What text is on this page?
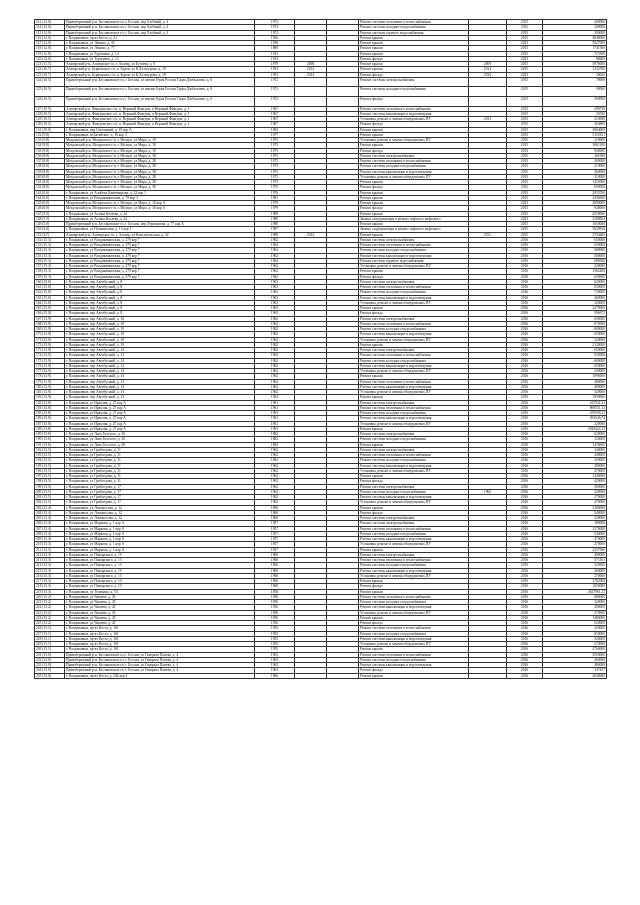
112 (12.0)	Правобережный р-н, Беслановское гп, г. Беслан, пер Хлебный, д. 4	1972			Ремонт системы отопления и теплоснабжения		2015	200000
114 (12.0)	Правобережный р-н, Беслановское гп, г. Беслан, пер Хлебный, д. 4	1972			Ремонт системы холодного водоснабжения		2015	200000
115 (12.0)	Правобережный р-н, Беслановское гп, г. Беслан, пер Хлебный, д. 4	1972			Ремонт системы горячего водоснабжения		2015	200000
116 (12.0)	г. Владикавказ, пр-кт Коста, д. 21	1956			Ремонт крыши		2015	4840000
117 (12.0)	г. Владикавказ, ул Ленина, д. 45	1938			Ремонт крыши		2015	3927000
118 (12.0)	г. Владикавказ, ул Ленина, д. 77	1880			Ремонт крыши		2015	1741500
119 (12.0)	г. Владикавказ, ул Тургенева, д. 12	1933			Ремонт крыши		2015	715500
120 (12.0)	г. Владикавказ, ул Тургенева, д. 12	1933			Ремонт фасада		2015	88600
121 (11.5)	Алагирский р-н, Алагирское гп, г. Алагир, ул Бутаева, д. 9	1979	2008		Ремонт крыши	2009	2015	3976000
122 (10.7)	Алагирский р-н, Бурвонское с/п, п. Бурон, ул К.Хетагурова, д. 19	1953	2014		Ремонт крыши	2014	2015	1232700
123 (10.7)	Алагирский р-н, Бурвонское с/п, п. Бурон, ул К.Хетагурова, д. 19	1953	2014		Ремонт фасада	2014	2015	38630
124 (10.5)	Правобережный р-н, Беслановское гп, г. Беслан, ул имени Героя России Таора Дзобылаева, д. 6	1972			Ремонт системы электроснабжения		2015	78000
125 (10.5)	Правобережный р-н, Беслановское гп, г. Беслан, ул имени Героя России Таора Дзобылаева, д. 6	1972			Ремонт системы холодного водоснабжения		2015	90000
126 (10.5)	Правобережный р-н, Беслановское гп, г. Беслан, ул имени Героя России Таора Дзобылаева, д. 6	1972			Ремонт фасада		2015	590000
127 (10.5)	Алагирский р-н, Фиагдонское с/п, п. Верхний Фиагдон, п Верхний Фиагдон, д. 1	1967			Ремонт системы отопления и теплоснабжения		2015	298750
128 (10.5)	Алагирский р-н, Фиагдонское с/п, п. Верхний Фиагдон, п Верхний Фиагдон, д. 1	1967			Ремонт системы канализации и водоотведения		2015	35550
129 (10.5)	Алагирский р-н, Фиагдонское с/п, п. Верхний Фиагдон, п Верхний Фиагдон, д. 1	1967			Установка, ремонт и замена общедомовых ПУ	2013	2015	210000
130 (10.5)	Алагирский р-н, Фиагдонское с/п, п. Верхний Фиагдон, п Верхний Фиагдон, д. 1	1967			Ремонт фасада		2015	304800
131 (10.0)	г. Владикавказ, пер Охотничий, д. 19 кор А	1963			Ремонт крыши		2015	2064000
132 (9.8)	г. Владикавказ, ш Батайское, д. 16 кор 4	1977			Ремонт крыши		2015	5110101
133 (9.8)	Моздокский р-н, Моздокское г/п, г. Моздок, ул Мира, д. 18	1975			Установка, ремонт и замена общедомовых ПУ		2015	210000
134 (9.8)	Моздокский р-н, Моздокское г/п, г. Моздок, ул Мира, д. 18	1975			Ремонт крыши		2015	3061100
135 (9.8)	Моздокский р-н, Моздокское г/п, г. Моздок, ул Мира, д. 18	1975			Ремонт фасада		2015	940000
136 (8.8)	Моздокский р-н, Моздокское г/п, г. Моздок, ул Мира, д. 38	1975			Ремонт системы электроснабжения		2015	261000
137 (8.8)	Моздокский р-н, Моздокское г/п, г. Моздок, ул Мира, д. 38	1975			Ремонт системы отопления и теплоснабжения		2015	260000
138 (8.8)	Моздокский р-н, Моздокское г/п, г. Моздок, ул Мира, д. 38	1975			Ремонт системы холодного водоснабжения		2015	210000
139 (8.8)	Моздокский р-н, Моздокское г/п, г. Моздок, ул Мира, д. 38	1975			Ремонт системы канализации и водоотведения		2015	260000
140 (8.8)	Моздокский р-н, Моздокское г/п, г. Моздок, ул Мира, д. 38	1975			Установка, ремонт и замена общедомовых ПУ		2015	210000
141 (8.8)	Моздокский р-н, Моздокское г/п, г. Моздок, ул Мира, д. 38	1975			Ремонт крыши		2015	1455000
142 (8.8)	Моздокский р-н, Моздокское г/п, г. Моздок, ул Мира, д. 38	1975			Ремонт фасада		2015	650000
143 (6.6)	г. Владикавказ, ул Алибека Кантемирова, д. 22 кор 1	1976			Ремонт крыши		2015	2053760
144 (6.0)	г. Владикавказ, ул Владикавказская, д. 79 кор 3	1981			Ремонт крыши		2015	3456600
145 (6.0)	Моздокский р-н, Моздокское г/п, г. Моздок, ул Мира, д. 18 кор А	1979			Ремонт крыши		2015	2890000
146 (6.0)	Моздокский р-н, Моздокское г/п, г. Моздок, ул Мира, д. 18 кор А	1979			Ремонт фасада		2015	940000
147 (5.5)	г. Владикавказ, ул Астана Кесаева, д. 24	1989			Ремонт крыши		2015	4559000
148 (5.5)	г. Владикавказ, ул Астана Кесаева, д. 24	1989			Замена, модернизация и ремонт лифтов и лифтового		2015	2108854
149 (5.0)	Правобережный р-н, Беслановское гп, г. Беслан, пер Лермонтова, д. 77 кор А	1980			Ремонт крыши		2015	1650000
150 (4.6)	г. Владикавказ, ул Пушкинская, д. 15 кор 1	1987			Замена, модернизация и ремонт лифтов и лифтового		2015	5829810
151 (2.7)	Алагирский р-н, Алагирское гп, г. Алагир, ул Комсомольская, д. 32	1989	2012		Ремонт крыши	2012	2015	3794400
152 (15.3)	г. Владикавказ, ул Владикавказская, д. 279 кор 7	1962			Ремонт системы электроснабжения		2016	650000
153 (15.3)	г. Владикавказ, ул Владикавказская, д. 279 кор 7	1962			Ремонт системы отопления и теплоснабжения		2016	650000
154 (15.3)	г. Владикавказ, ул Владикавказская, д. 279 кор 7	1962			Ремонт системы холодного водоснабжения		2016	680000
155 (15.3)	г. Владикавказ, ул Владикавказская, д. 279 кор 7	1962			Ремонт системы канализации и водоотведения		2016	500000
156 (15.3)	г. Владикавказ, ул Владикавказская, д. 279 кор 7	1962			Ремонт системы горячего водоснабжения		2016	698560
157 (15.3)	г. Владикавказ, ул Владикавказская, д. 279 кор 7	1962			Установка, ремонт и замена общедомовых ПУ		2016	320000
158 (15.3)	г. Владикавказ, ул Владикавказская, д. 279 кор 7	1962			Ремонт крыши		2016	1562400
159 (15.3)	г. Владикавказ, ул Владикавказская, д. 279 кор 7	1962			Ремонт фасада		2016	650000
160 (15.0)	г. Владикавказ, пер Автобусный, д. 8	1963			Ремонт системы электроснабжения		2016	620000
161 (15.0)	г. Владикавказ, пер Автобусный, д. 8	1963			Ремонт системы отопления и теплоснабжения		2016	830000
162 (15.0)	г. Владикавказ, пер Автобусный, д. 8	1963			Ремонт системы холодного водоснабжения		2016	720000
163 (15.0)	г. Владикавказ, пер Автобусный, д. 8	1963			Ремонт системы канализации и водоотведения		2016	400000
164 (15.0)	г. Владикавказ, пер Автобусный, д. 8	1963			Установка, ремонт и замена общедомовых ПУ		2016	320000
165 (15.0)	г. Владикавказ, пер Автобусный, д. 8	1963			Ремонт крыши		2016	2279000
166 (15.0)	г. Владикавказ, пер Автобусный, д. 8	1963			Ремонт фасада		2016	996672
167 (13.9)	г. Владикавказ, пер Автобусный, д. 10	1962			Ремонт системы электроснабжения		2016	690000
168 (13.9)	г. Владикавказ, пер Автобусный, д. 10	1962			Ремонт системы отопления и теплоснабжения		2016	870000
169 (13.9)	г. Владикавказ, пер Автобусный, д. 10	1962			Ремонт системы холодного водоснабжения		2016	680000
170 (13.9)	г. Владикавказ, пер Автобусный, д. 10	1962			Ремонт системы канализации и водоотведения		2016	620000
171 (13.9)	г. Владикавказ, пер Автобусный, д. 10	1962			Установка, ремонт и замена общедомовых ПУ		2016	320000
172 (13.9)	г. Владикавказ, пер Автобусный, д. 10	1962			Ремонт крыши		2016	2120000
173 (13.9)	г. Владикавказ, пер Автобусный, д. 14	1962			Ремонт системы электроснабжения		2016	650000
174 (13.9)	г. Владикавказ, пер Автобусный, д. 14	1962			Ремонт системы отопления и теплоснабжения		2016	830000
175 (13.9)	г. Владикавказ, пер Автобусный, д. 14	1962			Ремонт системы холодного водоснабжения		2016	680000
176 (13.9)	г. Владикавказ, пер Автобусный, д. 14	1962			Ремонт системы канализации и водоотведения		2016	620000
177 (13.9)	г. Владикавказ, пер Автобусный, д. 14	1962			Установка, ремонт и замена общедомовых ПУ		2016	320000
178 (13.9)	г. Владикавказ, пер Автобусный, д. 14	1962			Ремонт крыши		2016	1896000
179 (13.9)	г. Владикавказ, пер Автобусный, д. 14	1962			Ремонт системы отопления и теплоснабжения		2016	480000
180 (13.9)	г. Владикавказ, пер Автобусный, д. 14	1962			Ремонт системы канализации и водоотведения		2016	480000
181 (13.9)	г. Владикавказ, пер Автобусный, д. 14	1962			Установка, ремонт и замена общедомовых ПУ		2016	320000
182 (13.9)	г. Владикавказ, пер Автобусный, д. 14	1962			Ремонт крыши		2016	1950000
183 (13.8)	г. Владикавказ, ул Ираклия, д. 27 кор А	1961			Ремонт системы электроснабжения		2016	427941,32
184 (13.8)	г. Владикавказ, ул Ираклия, д. 27 кор А	1961			Ремонт системы отопления и теплоснабжения		2016	869551,12
185 (13.8)	г. Владикавказ, ул Ираклия, д. 27 кор А	1961			Ремонт системы холодного водоснабжения		2016	259358,11
186 (13.8)	г. Владикавказ, ул Ираклия, д. 27 кор А	1961			Ремонт системы канализации и водоотведения		2016	493546,74
187 (13.8)	г. Владикавказ, ул Ираклия, д. 27 кор А	1961			Установка, ремонт и замена общедомовых ПУ		2016	320000
188 (13.8)	г. Владикавказ, ул Ираклия, д. 27 кор А	1961			Ремонт крыши		2016	2929424,15
189 (13.8)	г. Владикавказ, ул Льва Толстого, д. 36	1882			Ремонт системы электроснабжения		2016	620000
190 (13.6)	г. Владикавказ, ул Льва Толстого, д. 36	1882			Ремонт системы холодного водоснабжения		2016	320000
191 (13.6)	г. Владикавказ, ул Льва Толстого, д. 36	1882			Ремонт крыши		2016	1476000
192 (13.5)	г. Владикавказ, ул Грибоедова, д. 11	1962			Ремонт системы электроснабжения		2016	340000
193 (13.5)	г. Владикавказ, ул Грибоедова, д. 11	1962			Ремонт системы отопления и теплоснабжения		2016	440000
194 (13.5)	г. Владикавказ, ул Грибоедова, д. 11	1962			Ремонт системы холодного водоснабжения		2016	320000
195 (13.5)	г. Владикавказ, ул Грибоедова, д. 11	1962			Ремонт системы канализации и водоотведения		2016	280000
196 (13.5)	г. Владикавказ, ул Грибоедова, д. 11	1962			Установка, ремонт и замена общедомовых ПУ		2016	270000
197 (13.5)	г. Владикавказ, ул Грибоедова, д. 11	1962			Ремонт крыши		2016	1440000
198 (13.5)	г. Владикавказ, ул Грибоедова, д. 11	1962			Ремонт фасада		2016	420000
199 (13.5)	г. Владикавказ, ул Грибоедова, д. 17	1962			Ремонт системы электроснабжения		2016	360000
200 (13.5)	г. Владикавказ, ул Грибоедова, д. 17	1962			Ремонт системы холодного водоснабжения	1962	2016	320000
201 (13.5)	г. Владикавказ, ул Грибоедова, д. 17	1962			Ремонт системы канализации и водоотведения		2016	270000
202 (13.5)	г. Владикавказ, ул Грибоедова, д. 17	1962			Установка, ремонт и замена общедомовых ПУ		2016	270000
203 (13.4)	г. Владикавказ, ул Ломоносова, д. 12	1960			Ремонт крыши		2016	2280000
204 (13.4)	г. Владикавказ, ул Ломоносова, д. 12	1960			Ремонт фасада		2016	540000
205 (13.4)	г. Владикавказ, ул Ломоносова, д. 12	1960			Ремонт системы электроснабжения		2016	320000
206 (13.4)	г. Владикавказ, ул Маркова, д. 1 кор А	1957			Ремонт системы электроснабжения		2016	380000
207 (13.4)	г. Владикавказ, ул Маркова, д. 1 кор А	1957			Ремонт системы отопления и теплоснабжения		2016	1270000
208 (13.4)	г. Владикавказ, ул Маркова, д. 1 кор А	1957			Ремонт системы холодного водоснабжения		2016	530000
209 (13.4)	г. Владикавказ, ул Маркова, д. 1 кор А	1957			Ремонт системы канализации и водоотведения		2016	470000
210 (13.3)	г. Владикавказ, ул Маркова, д. 1 кор А	1957			Установка, ремонт и замена общедомовых ПУ		2016	270000
211 (13.3)	г. Владикавказ, ул Маркова, д. 1 кор А	1957			Ремонт крыши		2016	2257000
212 (13.3)	г. Владикавказ, ул Пожарского, д. 13	1960			Ремонт системы электроснабжения		2016	480000
213 (13.3)	г. Владикавказ, ул Пожарского, д. 13	1960			Ремонт системы отопления и теплоснабжения		2016	371101
214 (13.3)	г. Владикавказ, ул Пожарского, д. 13	1960			Ремонт системы холодного водоснабжения		2016	320000
215 (13.3)	г. Владикавказ, ул Пожарского, д. 13	1960			Ремонт системы канализации и водоотведения		2016	260000
216 (13.3)	г. Владикавказ, ул Пожарского, д. 13	1960			Установка, ремонт и замена общедомовых ПУ		2016	270000
217 (13.3)	г. Владикавказ, ул Пожарского, д. 13	1960			Ремонт крыши		2016	1782000
218 (13.3)	г. Владикавказ, ул Пожарского, д. 13	1960			Ремонт фасада		2016	1650000
219 (13.3)	г. Владикавказ, ул Тельмана, д. 53	1956			Ремонт крыши		2016	2627961,21
220 (13.2)	г. Владикавказ, ул Чапаева, д. 45	1956			Ремонт системы отопления и теплоснабжения		2016	680000
221 (13.2)	г. Владикавказ, ул Чапаева, д. 45	1956			Ремонт системы холодного водоснабжения		2016	320000
222 (13.2)	г. Владикавказ, ул Чапаева, д. 45	1956			Ремонт системы канализации и водоотведения		2016	280000
223 (13.2)	г. Владикавказ, ул Чапаева, д. 45	1956			Установка, ремонт и замена общедомовых ПУ		2016	270000
224 (13.2)	г. Владикавказ, ул Чапаева, д. 45	1956			Ремонт крыши		2016	1480000
225 (13.2)	г. Владикавказ, ул Чапаева, д. 45	1956			Ремонт фасада		2016	520000
226 (13.1)	г. Владикавказ, пр-кт Коста, д. 161	1955			Ремонт системы отопления и теплоснабжения		2016	420000
227 (13.1)	г. Владикавказ, пр-кт Коста, д. 161	1955			Ремонт системы холодного водоснабжения		2016	850000
228 (13.1)	г. Владикавказ, пр-кт Коста, д. 161	1955			Ремонт системы канализации и водоотведения		2016	320000
229 (13.1)	г. Владикавказ, пр-кт Коста, д. 161	1955			Установка, ремонт и замена общедомовых ПУ		2016	270000
230 (13.1)	г. Владикавказ, пр-кт Коста, д. 161	1955			Ремонт крыши		2016	2760000
231 (13.0)	Правобережный р-н, Беслановское гп, г. Беслан, ул Генерала Плиева, д. 4	1963			Ремонт системы отопления и теплоснабжения		2016	5050000
232 (13.0)	Правобережный р-н, Беслановское гп, г. Беслан, ул Генерала Плиева, д. 4	1963			Ремонт системы холодного водоснабжения		2016	460000
233 (13.0)	Правобережный р-н, Беслановское гп, г. Беслан, ул Генерала Плиева, д. 4	1963			Ремонт системы канализации и водоотведения		2016	460000
234 (13.0)	Правобережный р-н, Беслановское гп, г. Беслан, ул Генерала Плиева, д. 4	1963			Ремонт фасада		2016	147457
235 (13.0)	г. Владикавказ, пр-кт Коста, д. 246 кор 2	1966			Ремонт крыши		2016	4640000
